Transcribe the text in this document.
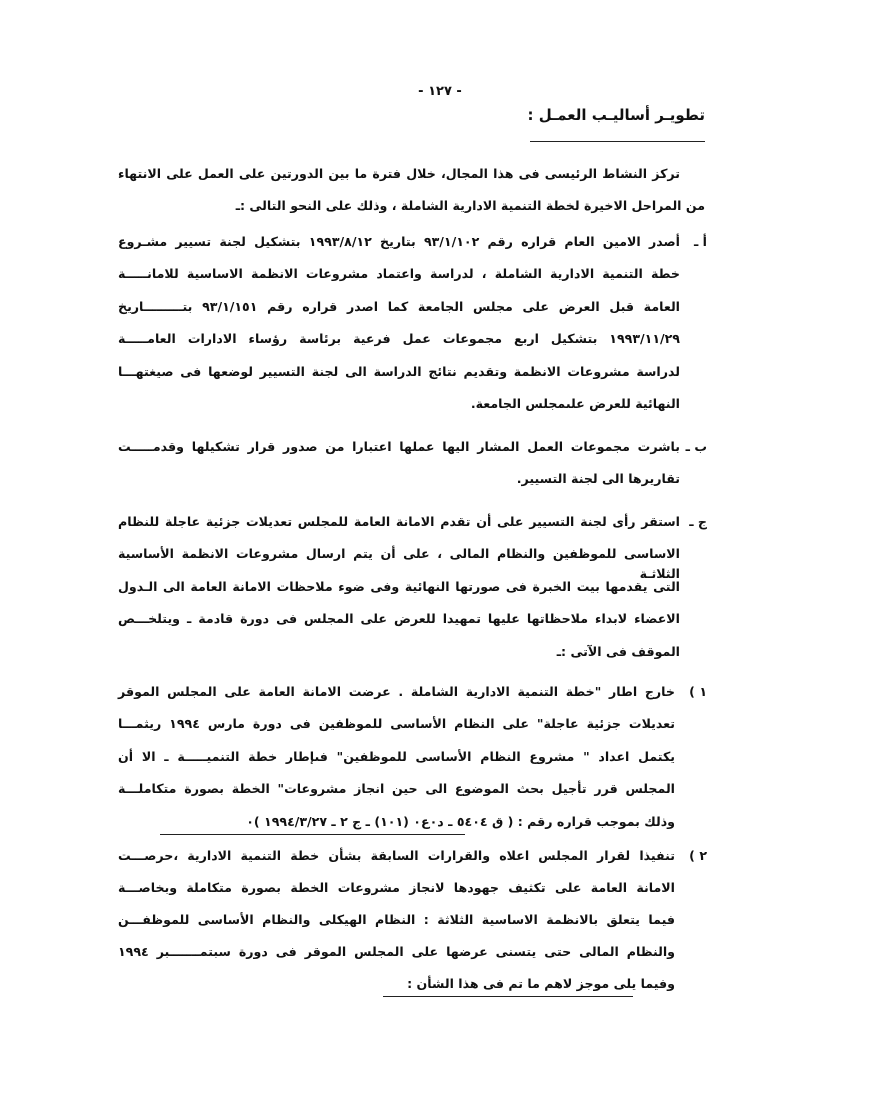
- ١٢٧ -
تطويـر أساليـب العمـل :
تركز النشاط الرئيسى فى هذا المجال، خلال فترة ما بين الدورتين على العمل على الانتهاء
من المراحل الاخيرة لخطة التنمية الادارية الشاملة ، وذلك على النحو التالى :ـ
أ ـ
أصدر الامين العام قراره رقم ٩٣/١/١٠٢ بتاريخ ١٩٩٣/٨/١٢ بتشكيل لجنة تسيير مشـروع
خطة التنمية الادارية الشاملة ، لدراسة واعتماد مشروعات الانظمة الاساسية للامانـــــة
العامة قبل العرض على مجلس الجامعة كما اصدر قراره رقم ٩٣/١/١٥١ بتـــــــــاريخ
١٩٩٣/١١/٢٩ بتشكيل اربع مجموعات عمل فرعية برئاسة رؤساء الادارات العامـــــة
لدراسة مشروعات الانظمة وتقديم نتائج الدراسة الى لجنة التسيير لوضعها فى صيغتهـــا
النهائية للعرض علىمجلس الجامعة.
ب ـ
باشرت مجموعات العمل المشار اليها عملها اعتبارا من صدور قرار تشكيلها وقدمـــــت
تقاريرها الى لجنة التسيير.
ج ـ
استقر رأى لجنة التسيير على أن تقدم الامانة العامة للمجلس تعديلات جزئية عاجلة للنظام
الاساسى للموظفين والنظام المالى ، على أن يتم ارسال مشروعات الانظمة الأساسية الثلاثـة
التى يقدمها بيت الخبرة فى صورتها النهائية وفى ضوء ملاحظات الامانة العامة الى الـدول
الاعضاء لابداء ملاحظاتها عليها تمهيدا للعرض على المجلس فى دورة قادمة ـ ويتلخـــص
الموقف فى الآتى :ـ
١ )
خارج اطار "خطة التنمية الادارية الشاملة . عرضت الامانة العامة على المجلس الموقر
تعديلات جزئية عاجلة" على النظام الأساسى للموظفين فى دورة مارس ١٩٩٤ ريثمـــا
يكتمل اعداد " مشروع النظام الأساسى للموظفين" فىإطار خطة التنميـــــة ـ الا أن
المجلس قرر تأجيل بحث الموضوع الى حين انجاز مشروعات" الخطة بصورة متكاملـــة
وذلك بموجب قراره رقم : ( ق ٥٤٠٤ ـ د٠ع٠ (١٠١) ـ ج ٢ ـ ١٩٩٤/٣/٢٧ )٠
٢ )
تنفيذا لقرار المجلس اعلاه والقرارات السابقة بشأن خطة التنمية الادارية ،حرصـــت
الامانة العامة على تكثيف جهودها لانجاز مشروعات الخطة بصورة متكاملة وبخاصـــة
فيما يتعلق بالانظمة الاساسية الثلاثة : النظام الهيكلى والنظام الأساسى للموظفـــن
والنظام المالى حتى يتسنى عرضها على المجلس الموقر فى دورة سبتمـــــــبر ١٩٩٤
وفيما يلى موجز لاهم ما تم فى هذا الشأن :
